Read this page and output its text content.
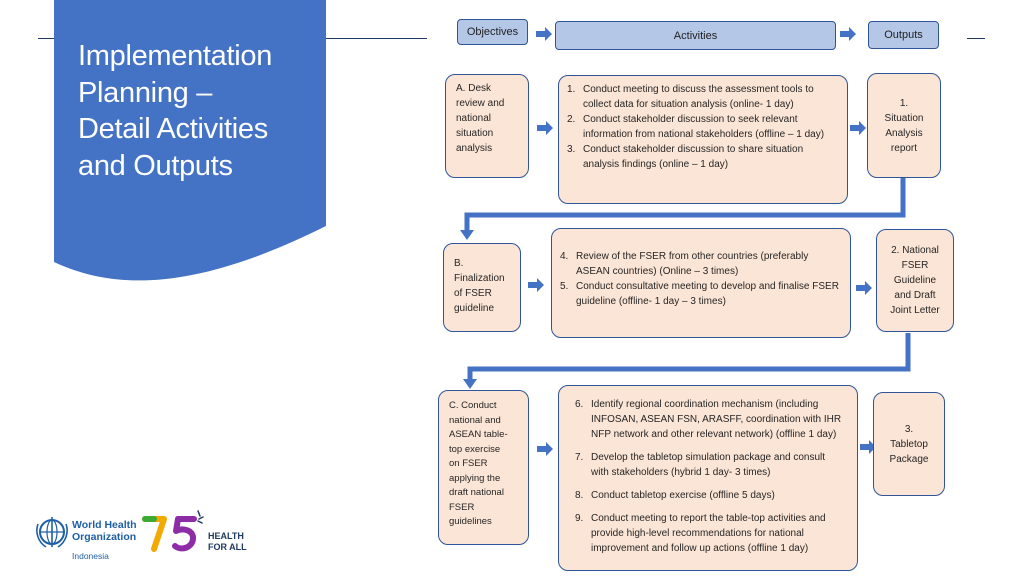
Implementation
Planning –
Detail Activities
and Outputs
Objectives	Activities	Outputs
A. Desk
review and
national
situation
analysis
1. Conduct meeting to discuss the assessment tools to collect data for situation analysis (online- 1 day)
2. Conduct stakeholder discussion to seek relevant information from national stakeholders (offline – 1 day)
3. Conduct stakeholder discussion to share situation analysis findings (online – 1 day)
1.
Situation
Analysis
report
B.
Finalization
of FSER
guideline
4. Review of the FSER from other countries (preferably ASEAN countries) (Online – 3 times)
5. Conduct consultative meeting to develop and finalise FSER guideline (offline- 1 day – 3 times)
2. National
FSER
Guideline
and Draft
Joint Letter
C. Conduct
national and
ASEAN table-
top exercise
on FSER
applying the
draft national
FSER
guidelines
6. Identify regional coordination mechanism (including INFOSAN, ASEAN FSN, ARASFF, coordination with IHR NFP network and other relevant network) (offline 1 day)
7. Develop the tabletop simulation package and consult with stakeholders (hybrid 1 day- 3 times)
8. Conduct tabletop exercise (offline 5 days)
9. Conduct meeting to report the table-top activities and provide high-level recommendations for national improvement and follow up actions (offline 1 day)
3.
Tabletop
Package
World Health
Organization
Indonesia
HEALTH
FOR ALL
